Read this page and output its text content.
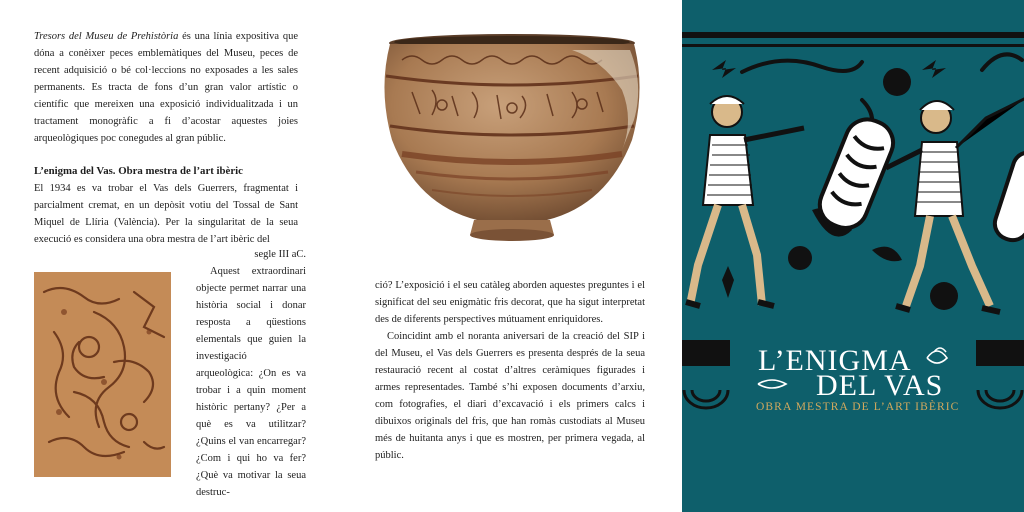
Tresors del Museu de Prehistòria és una línia expositiva que dóna a conèixer peces emblemàtiques del Museu, peces de recent adquisició o bé col·leccions no exposades a les sales permanents. Es tracta de fons d’un gran valor artístic o científic que mereixen una exposició individualitzada i un tractament monogràfic a fi d’acostar aquestes joies arqueològiques poc conegudes al gran públic.

L’enigma del Vas. Obra mestra de l’art ibèric

El 1934 es va trobar el Vas dels Guerrers, fragmentat i parcialment cremat, en un depòsit votiu del Tossal de Sant Miquel de Llíria (València). Per la singularitat de la seua execució es considera una obra mestra de l’art ibèric del

segle III aC.
Aquest extraordinari objecte permet narrar una història social i donar resposta a qüestions elementals que guien la investigació arqueològica: ¿On es va trobar i a quin moment històric pertany? ¿Per a què es va utilitzar? ¿Quins el van encarregar? ¿Com i qui ho va fer? ¿Què va motivar la seua destruc-

ció? L’exposició i el seu catàleg aborden aquestes preguntes i el significat del seu enigmàtic fris decorat, que ha sigut interpretat des de diferents perspectives mútuament enriquidores.
Coincidint amb el noranta aniversari de la creació del SIP i del Museu, el Vas dels Guerrers es presenta després de la seua restauració recent al costat d’altres ceràmiques figurades i armes representades. També s’hi exposen documents d’arxiu, com fotografies, el diari d’excavació i els primers calcs i dibuixos originals del fris, que han romàs custodiats al Museu més de huitanta anys i que es mostren, per primera vegada, al públic.
L’ENIGMA
DEL VAS
OBRA MESTRA DE L’ART IBÈRIC
